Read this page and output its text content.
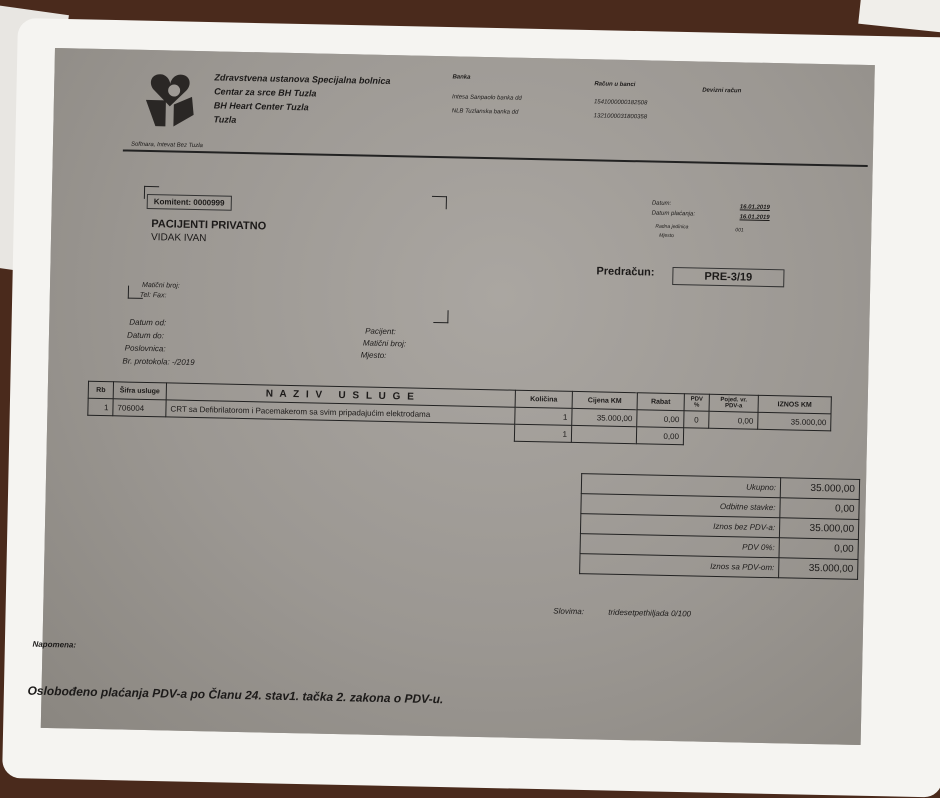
Zdravstvena ustanova Specijalna bolnica
Centar za srce BH Tuzla
BH Heart Center Tuzla
Tuzla
Banka
Intesa Sanpaolo banka dd
NLB Tuzlanska banka dd
Račun u banci
1541000000182508
1321000031800358
Devizni račun
Softnara, Intevat Bez Tuzla
Komitent: 0000999
PACIJENTI PRIVATNO
VIDAK IVAN
Matični broj:
Tel: Fax:
Datum:
16.01.2019
Datum plaćanja:
16.01.2019
Radna jedinica
001
Mjesto
Predračun:	PRE-3/19
Datum od:
Datum do:
Poslovnica:
Br. protokola: -/2019
Pacijent:
Matični broj:
Mjesto:
Rb	Šifra usluge	N A Z I V   U S L U G E	Količina	Cijena KM	Rabat	PDV %	Pojed. vr. PDV-a	IZNOS KM
1	706004	CRT sa Defibrilatorom i Pacemakerom sa svim pripadajućim elektrodama	1	35.000,00	0,00	0	0,00	35.000,00
			1		0,00			
Ukupno:	35.000,00
Odbitne stavke:	0,00
Iznos bez PDV-a:	35.000,00
PDV 0%:	0,00
Iznos sa PDV-om:	35.000,00
Slovima:	tridesetpethiljada 0/100
Napomena:
Oslobođeno plaćanja PDV-a po Članu 24. stav1. tačka 2. zakona o PDV-u.
